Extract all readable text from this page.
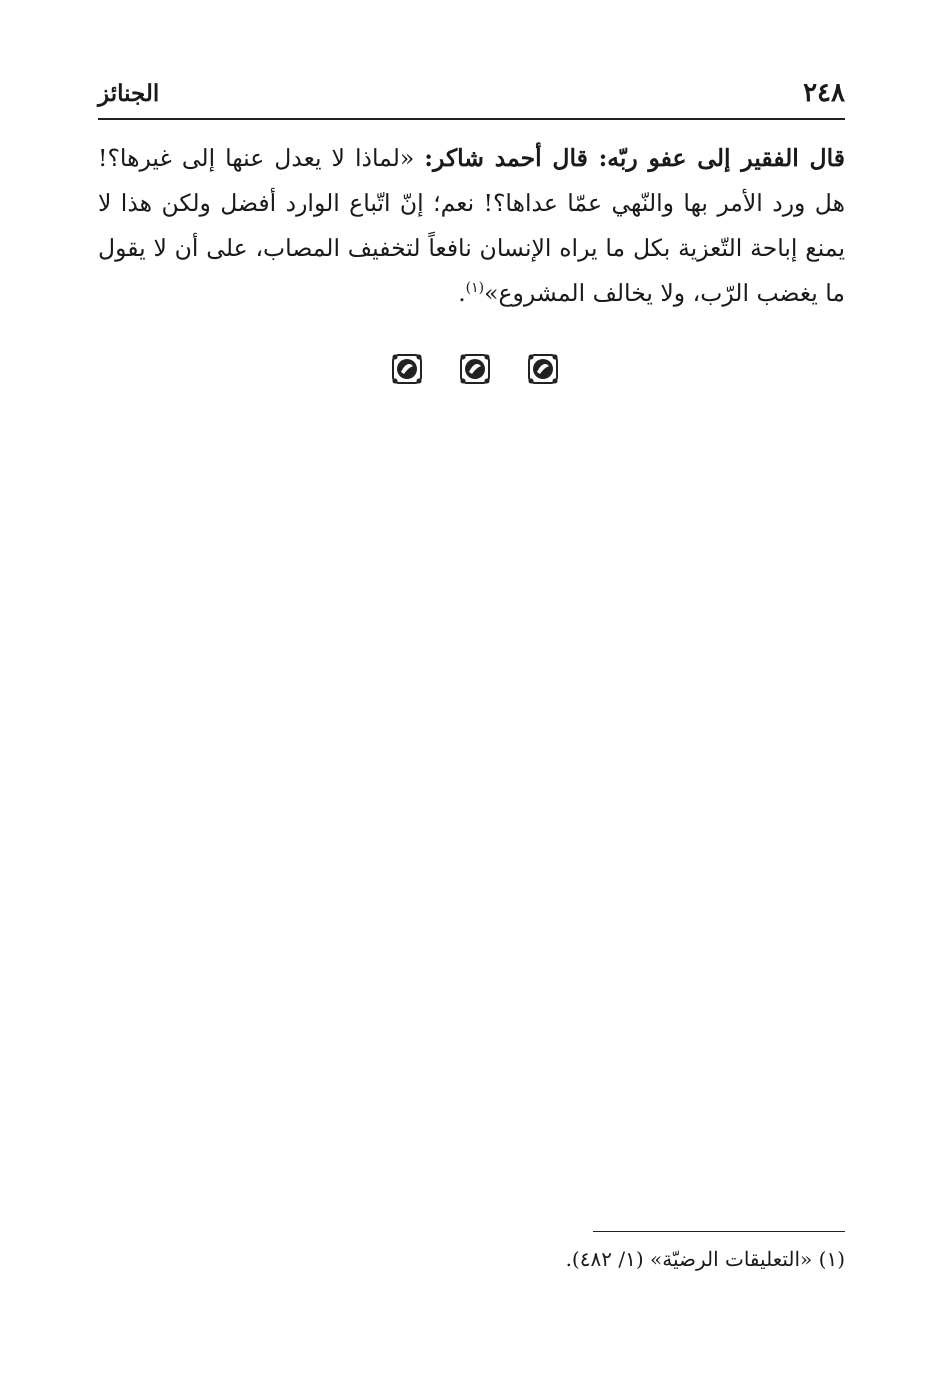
٢٤٨
الجنائز

قال الفقير إلى عفو ربّه: قال أحمد شاكر: «لماذا لا يعدل عنها إلى غيرها؟! هل ورد الأمر بها والنّهي عمّا عداها؟! نعم؛ إنّ اتّباع الوارد أفضل ولكن هذا لا يمنع إباحة التّعزية بكل ما يراه الإنسان نافعاً لتخفيف المصاب، على أن لا يقول ما يغضب الرّب، ولا يخالف المشروع»$^{(١)}$.

(١) «التعليقات الرضيّة» (١/ ٤٨٢).
